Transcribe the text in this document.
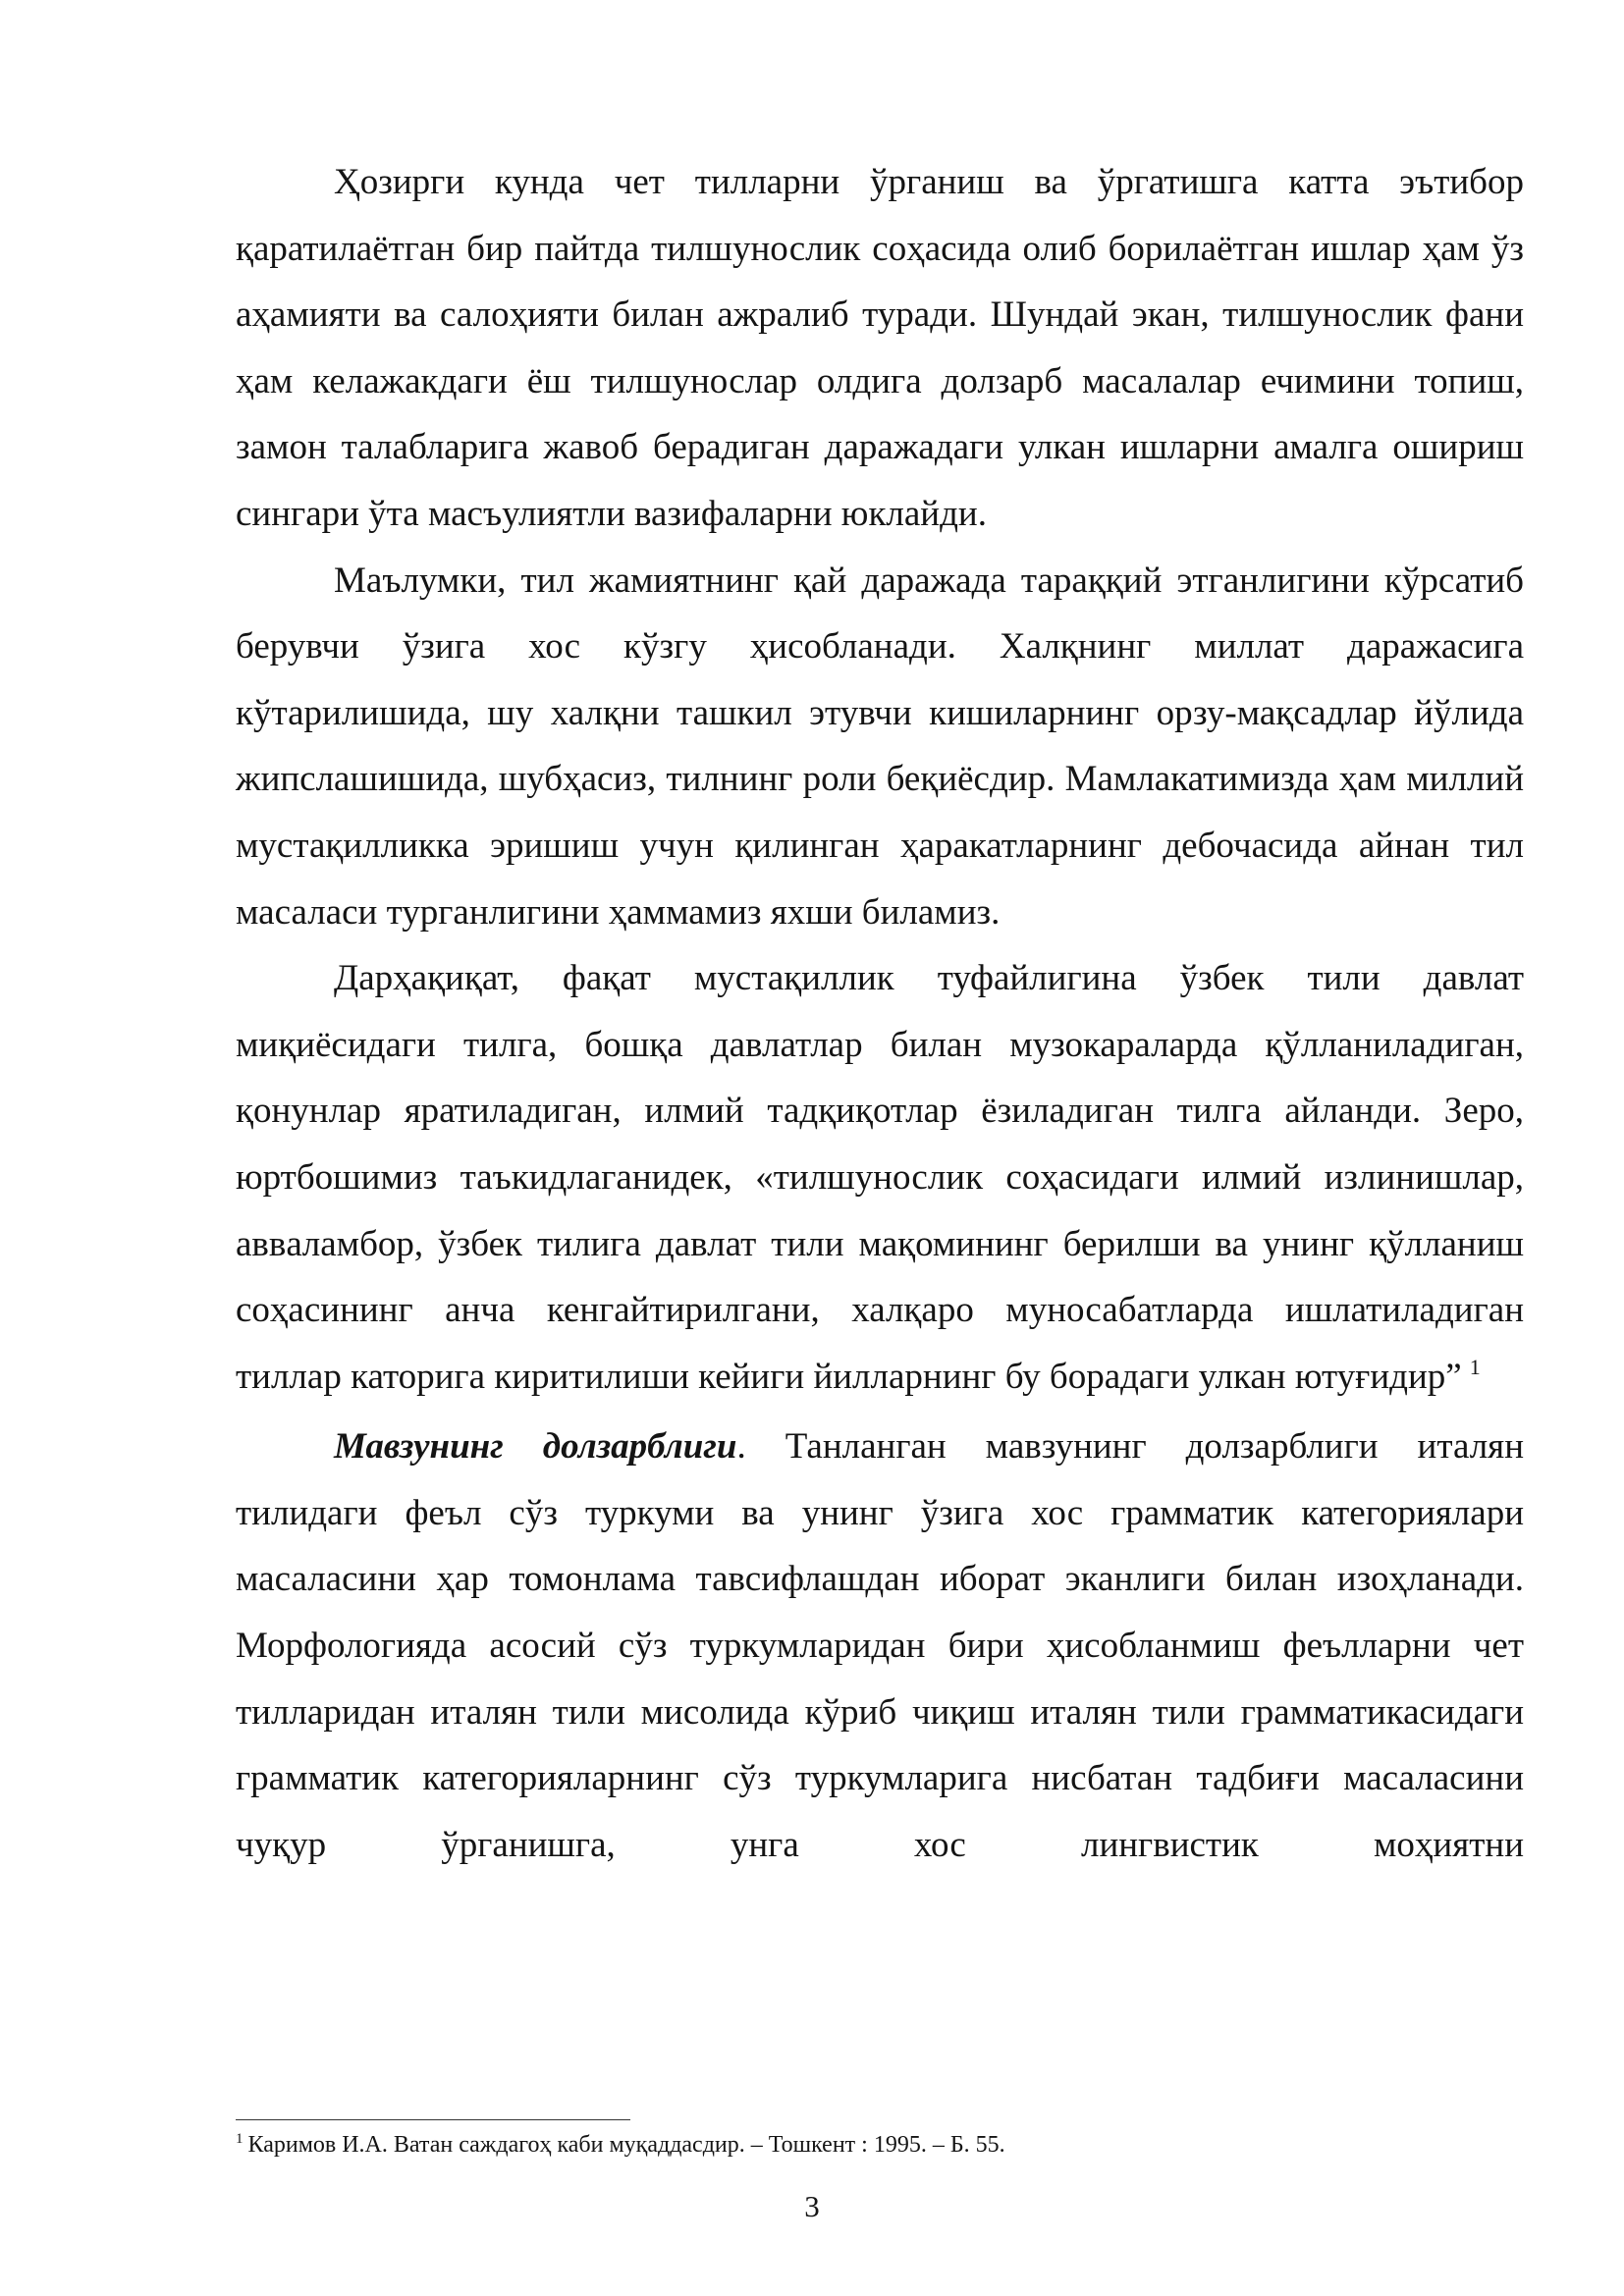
Ҳозирги кунда чет тилларни ўрганиш ва ўргатишга катта эътибор қаратилаётган бир пайтда тилшунослик соҳасида олиб борилаётган ишлар ҳам ўз аҳамияти ва салоҳияти билан ажралиб туради. Шундай экан, тилшунослик фани ҳам келажакдаги ёш тилшунослар олдига долзарб масалалар ечимини топиш, замон талабларига жавоб берадиган даражадаги улкан ишларни амалга ошириш сингари ўта масъулиятли вазифаларни юклайди.

Маълумки, тил жамиятнинг қай даражада тараққий этганлигини кўрсатиб берувчи ўзига хос кўзгу ҳисобланади. Халқнинг миллат даражасига кўтарилишида, шу халқни ташкил этувчи кишиларнинг орзу-мақсадлар йўлида жипслашишида, шубҳасиз, тилнинг роли беқиёсдир. Мамлакатимизда ҳам миллий мустақилликка эришиш учун қилинган ҳаракатларнинг дебочасида айнан тил масаласи турганлигини ҳаммамиз яхши биламиз.

Дарҳақиқат, фақат мустақиллик туфайлигина ўзбек тили давлат миқиёсидаги тилга, бошқа давлатлар билан музокараларда қўлланиладиган, қонунлар яратиладиган, илмий тадқиқотлар ёзиладиган тилга айланди. Зеро, юртбошимиз таъкидлаганидек, «тилшунослик соҳасидаги илмий излинишлар, аввaламбор, ўзбек тилига давлат тили мақомининг берилши ва унинг қўлланиш соҳасининг анча кенгайтирилгани, халқаро муносабатларда ишлатиладиган тиллар каторига киритилиши кейиги йилларнинг бу борадаги улкан ютуғидир” $^1$

Мавзунинг долзарблиги. Танланган мавзунинг долзарблиги италян тилидаги феъл сўз туркуми ва унинг ўзига хос грамматик категориялари масаласини ҳар томонлама тавсифлашдан иборат эканлиги билан изоҳланади. Морфологияда асосий сўз туркумларидан бири ҳисобланмиш феълларни чет тилларидан италян тили мисолида кўриб чиқиш италян тили грамматикасидаги грамматик категорияларнинг сўз туркумларига нисбатан тадбиғи масаласини чуқур ўрганишга, унга хос лингвистик моҳиятни

$^1$ Каримов И.А. Ватан саждагоҳ каби муқаддасдир. – Тошкент : 1995. – Б. 55.
3
